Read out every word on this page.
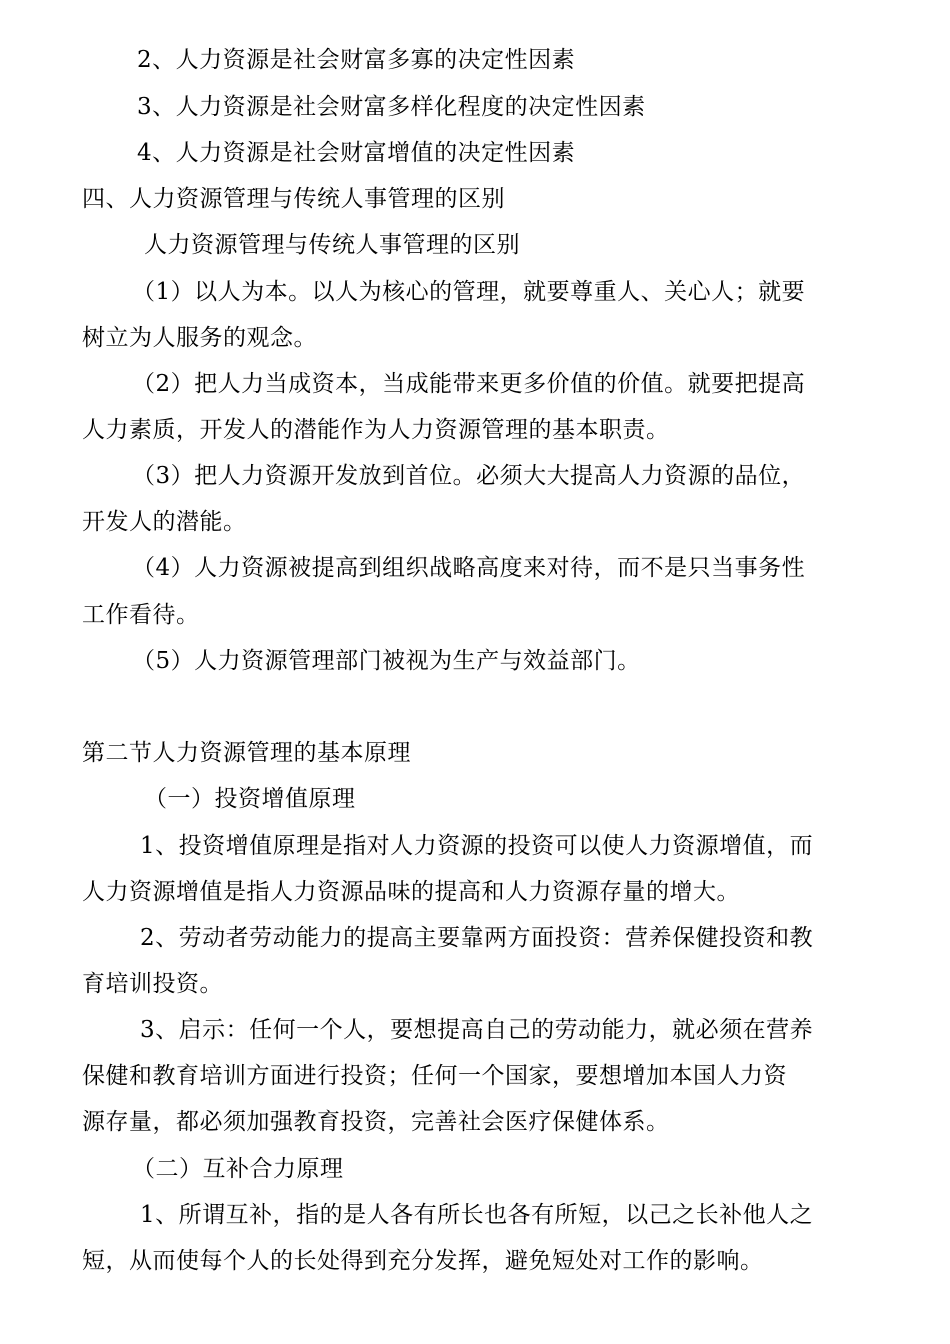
2、人力资源是社会财富多寡的决定性因素
3、人力资源是社会财富多样化程度的决定性因素
4、人力资源是社会财富增值的决定性因素
四、人力资源管理与传统人事管理的区别
人力资源管理与传统人事管理的区别
（1）以人为本。以人为核心的管理，就要尊重人、关心人；就要
树立为人服务的观念。
（2）把人力当成资本，当成能带来更多价值的价值。就要把提高
人力素质，开发人的潜能作为人力资源管理的基本职责。
（3）把人力资源开发放到首位。必须大大提高人力资源的品位，
开发人的潜能。
（4）人力资源被提高到组织战略高度来对待，而不是只当事务性
工作看待。
（5）人力资源管理部门被视为生产与效益部门。
第二节人力资源管理的基本原理
（一）投资增值原理
1、投资增值原理是指对人力资源的投资可以使人力资源增值，而
人力资源增值是指人力资源品味的提高和人力资源存量的增大。
2、劳动者劳动能力的提高主要靠两方面投资：营养保健投资和教
育培训投资。
3、启示：任何一个人，要想提高自己的劳动能力，就必须在营养
保健和教育培训方面进行投资；任何一个国家，要想增加本国人力资
源存量，都必须加强教育投资，完善社会医疗保健体系。
（二）互补合力原理
1、所谓互补，指的是人各有所长也各有所短，以己之长补他人之
短，从而使每个人的长处得到充分发挥，避免短处对工作的影响。
